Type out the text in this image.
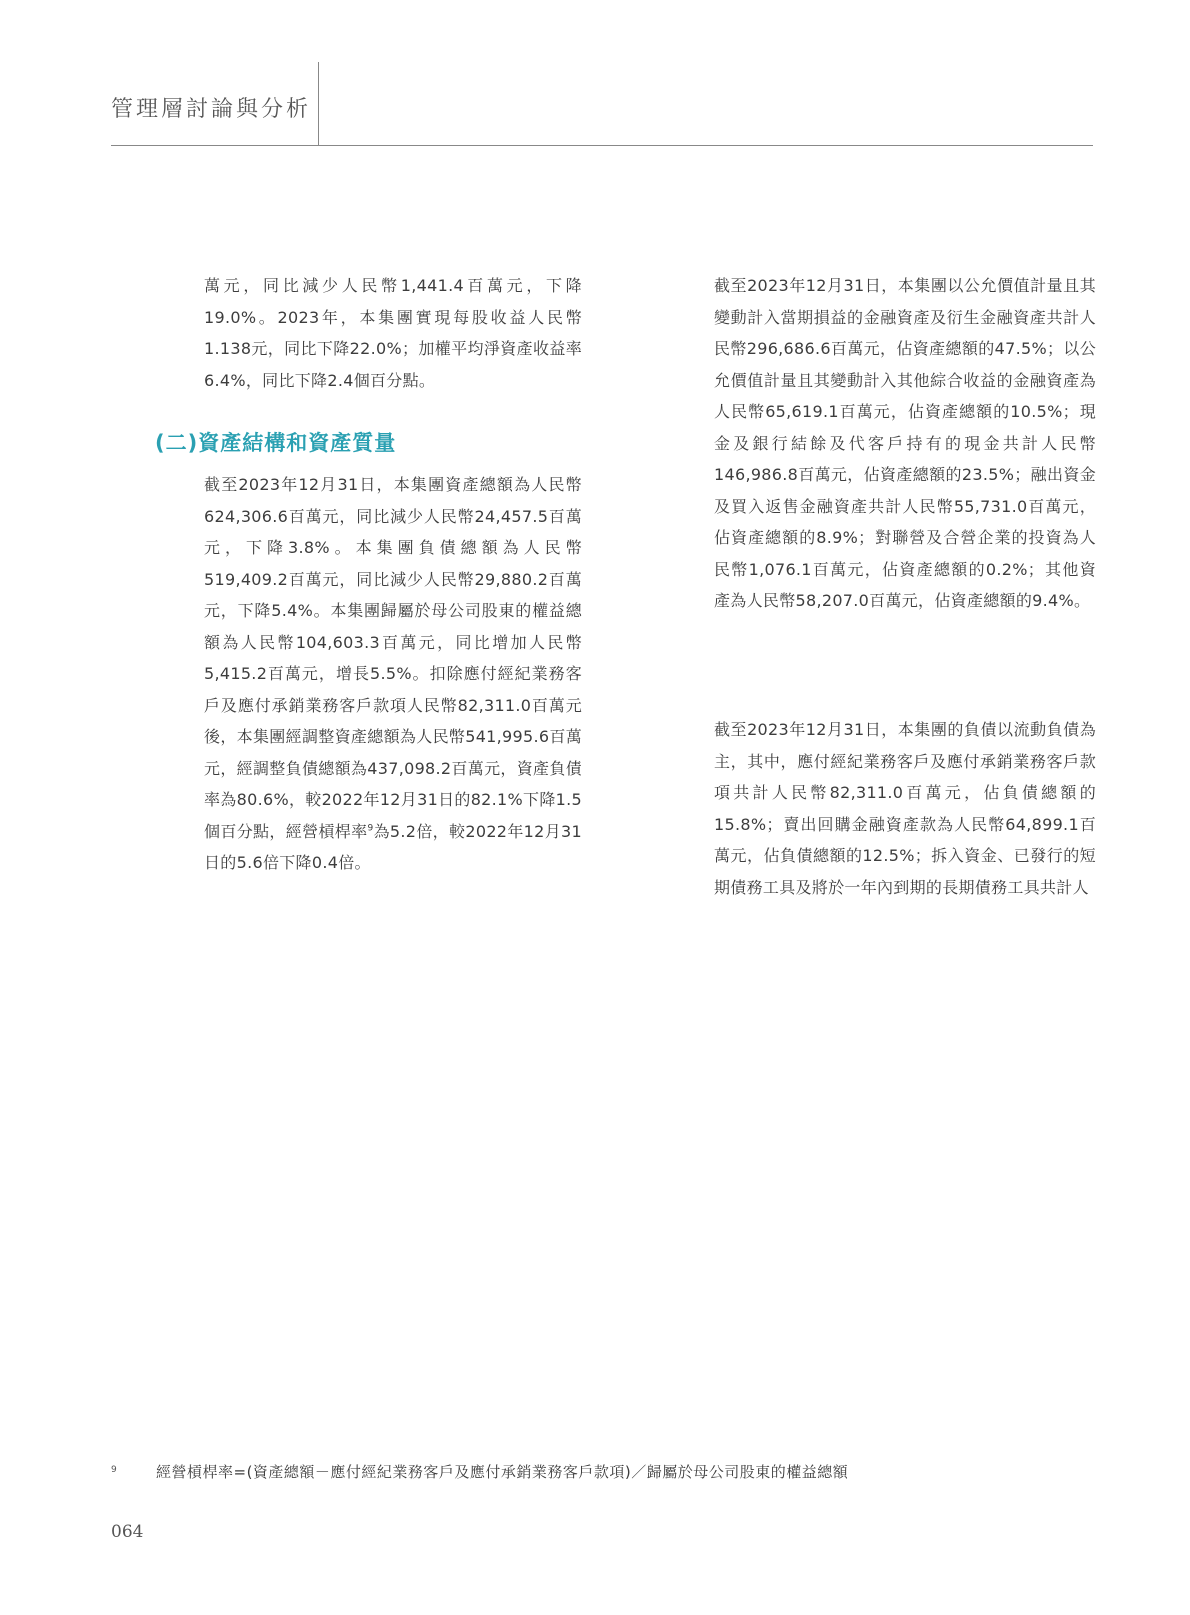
管理層討論與分析

萬元，同比減少人民幣1,441.4百萬元，下降19.0%。2023年，本集團實現每股收益人民幣1.138元，同比下降22.0%；加權平均淨資產收益率6.4%，同比下降2.4個百分點。

(二)資產結構和資產質量

截至2023年12月31日，本集團資產總額為人民幣624,306.6百萬元，同比減少人民幣24,457.5百萬元，下降3.8%。本集團負債總額為人民幣519,409.2百萬元，同比減少人民幣29,880.2百萬元，下降5.4%。本集團歸屬於母公司股東的權益總額為人民幣104,603.3百萬元，同比增加人民幣5,415.2百萬元，增長5.5%。扣除應付經紀業務客戶及應付承銷業務客戶款項人民幣82,311.0百萬元後，本集團經調整資產總額為人民幣541,995.6百萬元，經調整負債總額為437,098.2百萬元，資產負債率為80.6%，較2022年12月31日的82.1%下降1.5個百分點，經營槓桿率$^9$為5.2倍，較2022年12月31日的5.6倍下降0.4倍。

截至2023年12月31日，本集團以公允價值計量且其變動計入當期損益的金融資產及衍生金融資產共計人民幣296,686.6百萬元，佔資產總額的47.5%；以公允價值計量且其變動計入其他綜合收益的金融資產為人民幣65,619.1百萬元，佔資產總額的10.5%；現金及銀行結餘及代客戶持有的現金共計人民幣146,986.8百萬元，佔資產總額的23.5%；融出資金及買入返售金融資產共計人民幣55,731.0百萬元，佔資產總額的8.9%；對聯營及合營企業的投資為人民幣1,076.1百萬元，佔資產總額的0.2%；其他資產為人民幣58,207.0百萬元，佔資產總額的9.4%。

截至2023年12月31日，本集團的負債以流動負債為主，其中，應付經紀業務客戶及應付承銷業務客戶款項共計人民幣82,311.0百萬元，佔負債總額的15.8%；賣出回購金融資產款為人民幣64,899.1百萬元，佔負債總額的12.5%；拆入資金、已發行的短期債務工具及將於一年內到期的長期債務工具共計人

9	經營槓桿率=(資產總額－應付經紀業務客戶及應付承銷業務客戶款項)／歸屬於母公司股東的權益總額
064
